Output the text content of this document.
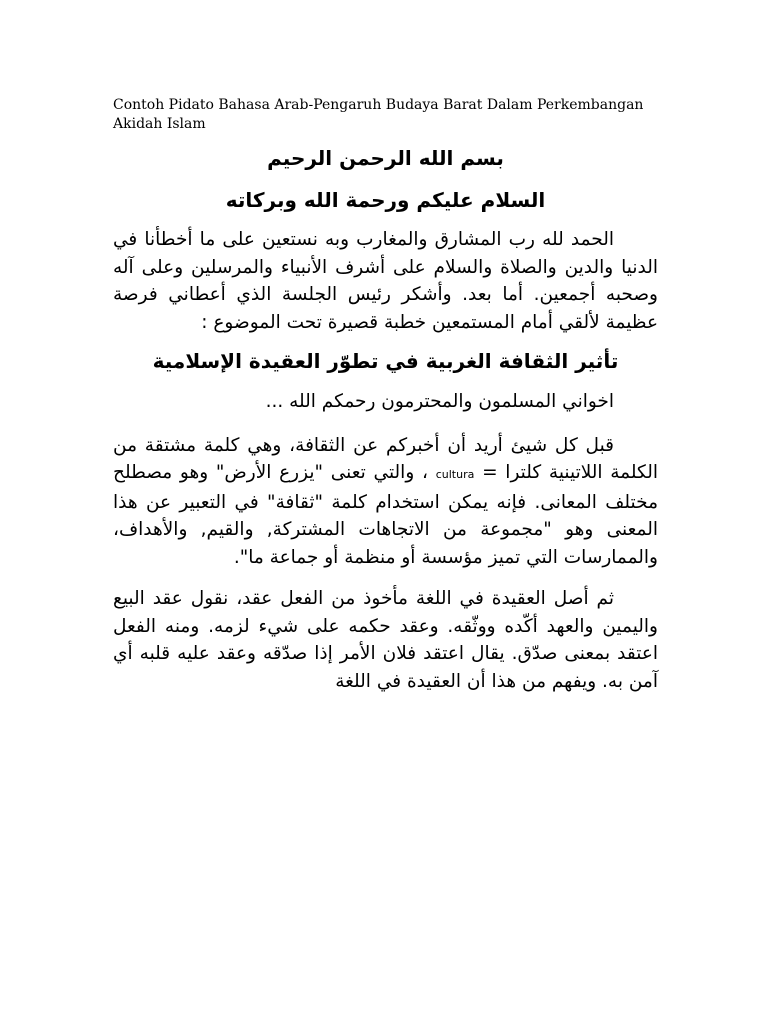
Contoh Pidato Bahasa Arab-Pengaruh Budaya Barat Dalam Perkembangan Akidah Islam

بسم الله الرحمن الرحيم

السلام عليكم ورحمة الله وبركاته

الحمد لله رب المشارق والمغارب وبه نستعين على ما أخطأنا في الدنيا والدين والصلاة والسلام على أشرف الأنبياء والمرسلين وعلى آله وصحبه أجمعين. أما بعد. وأشكر رئيس الجلسة الذي أعطاني فرصة عظيمة لألقي أمام المستمعين خطبة قصيرة تحت الموضوع :

تأثير الثقافة الغربية في تطوّر العقيدة الإسلامية

اخواني المسلمون والمحترمون رحمكم الله ...

قبل كل شيئ أريد أن أخبركم عن الثقافة، وهي كلمة مشتقة من الكلمة اللاتينية كلترا = cultura ، والتي تعنى "يزرع الأرض" وهو مصطلح مختلف المعانى. فإنه يمكن استخدام كلمة "ثقافة" في التعبير عن هذا المعنى وهو "مجموعة من الاتجاهات المشتركة, والقيم, والأهداف، والممارسات التي تميز مؤسسة أو منظمة أو جماعة ما".

ثم أصل العقيدة في اللغة مأخوذ من الفعل عقد، نقول عقد البيع واليمين والعهد أكّده ووثّقه. وعقد حكمه على شيء لزمه. ومنه الفعل اعتقد بمعنى صدّق. يقال اعتقد فلان الأمر إذا صدّقه وعقد عليه قلبه أي آمن به. ويفهم من هذا أن العقيدة في اللغة
